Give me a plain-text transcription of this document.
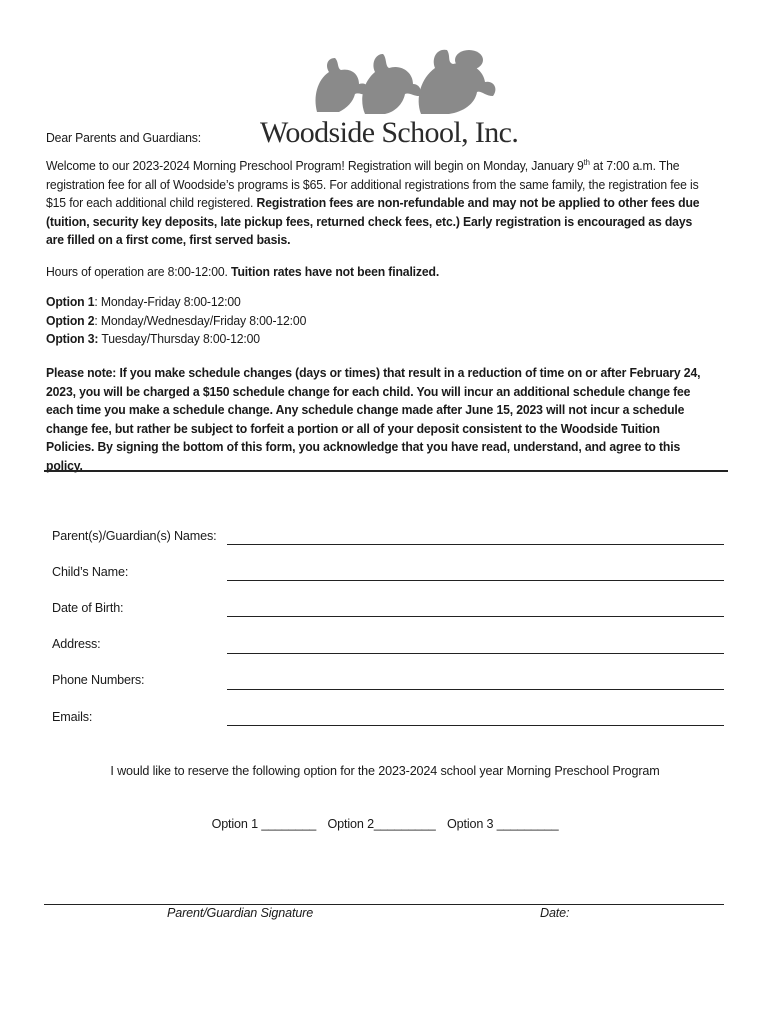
Woodside School, Inc.
Dear Parents and Guardians:

Welcome to our 2023-2024 Morning Preschool Program! Registration will begin on Monday, January 9th at 7:00 a.m. The registration fee for all of Woodside’s programs is $65. For additional registrations from the same family, the registration fee is $15 for each additional child registered. Registration fees are non-refundable and may not be applied to other fees due (tuition, security key deposits, late pickup fees, returned check fees, etc.) Early registration is encouraged as days are filled on a first come, first served basis.

Hours of operation are 8:00-12:00. Tuition rates have not been finalized.
Option 1: Monday-Friday 8:00-12:00
Option 2: Monday/Wednesday/Friday 8:00-12:00
Option 3: Tuesday/Thursday 8:00-12:00
Please note: If you make schedule changes (days or times) that result in a reduction of time on or after February 24, 2023, you will be charged a $150 schedule change for each child. You will incur an additional schedule change fee each time you make a schedule change. Any schedule change made after June 15, 2023 will not incur a schedule change fee, but rather be subject to forfeit a portion or all of your deposit consistent to the Woodside Tuition Policies. By signing the bottom of this form, you acknowledge that you have read, understand, and agree to this policy.
Parent(s)/Guardian(s) Names:
Child’s Name:
Date of Birth:
Address:
Phone Numbers:
Emails:
I would like to reserve the following option for the 2023-2024 school year Morning Preschool Program
Option 1 ________ Option 2_________ Option 3 _________
Parent/Guardian Signature	Date:
